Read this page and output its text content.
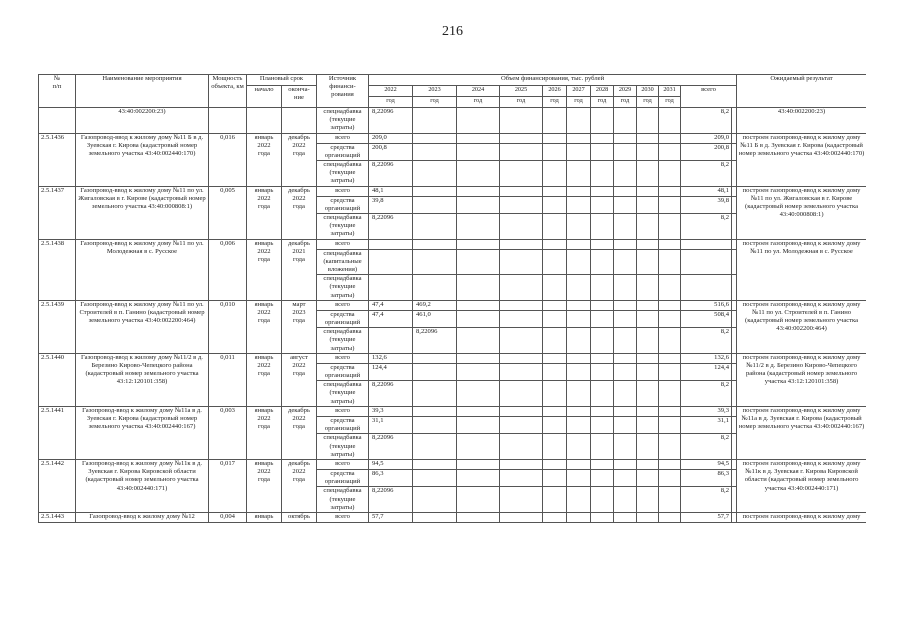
216
№
п/п	Наименование мероприятия	Мощность объекта, км	Плановый срок		Источник финанси-
рования	Объем финансирования, тыс. рублей												Ожидаемый результат
			начало	оконча-
ние		2022	2023	2024	2025	2026	2027	2028	2029	2030	2031	всего		
						год	год	год	год	год	год	год	год	год	год			
	43:40:002200:23)				спецнадбавка
(текущие
затраты)	8,22096										8,2		43:40:002200:23)
2.5.1436	Газопровод-ввод к жилому дому №11 Б в д. Зуевская г. Кирова (кадастровый номер земельного участка 43:40:002440:170)	0,016	январь
2022
года	декабрь
2022
года	всего	209,0										209,0		построен газопровод-ввод к жилому дому №11 Б в д. Зуевская г. Кирова (кадастровый номер земельного участка 43:40:002440:170)
					средства организаций	200,8										200,8		
					спецнадбавка (текущие затраты)	8,22096										8,2		
2.5.1437	Газопровод-ввод к жилому дому №11 по ул. Жигаловская в г. Кирове (кадастровый номер земельного участка 43:40:000808:1)	0,005	январь
2022
года	декабрь
2022
года	всего	48,1										48,1		построен газопровод-ввод к жилому дому №11 по ул. Жигаловская в г. Кирове (кадастровый номер земельного участка 43:40:000808:1)
					средства организаций	39,8										39,8		
					спецнадбавка (текущие затраты)	8,22096										8,2		
2.5.1438	Газопровод-ввод к жилому дому №11 по ул. Молодежная в с. Русское	0,006	январь
2022
года	декабрь
2021
года	всего													построен газопровод-ввод к жилому дому №11 по ул. Молодежная в с. Русское
					спецнадбавка (капитальные вложения)													
					спецнадбавка (текущие затраты)													
2.5.1439	Газопровод-ввод к жилому дому №11 по ул. Строителей в п. Ганино (кадастровый номер земельного участка 43:40:002200:464)	0,010	январь
2022
года	март
2023
года	всего	47,4	469,2									516,6		построен газопровод-ввод к жилому дому №11 по ул. Строителей в п. Ганино (кадастровый номер земельного участка 43:40:002200:464)
					средства организаций	47,4	461,0									508,4		
					спецнадбавка (текущие затраты)		8,22096									8,2		
2.5.1440	Газопровод-ввод к жилому дому №11/2 в д. Березино Кирово-Чепецкого района (кадастровый номер земельного участка 43:12:120101:358)	0,011	январь
2022
года	август
2022
года	всего	132,6										132,6		построен газопровод-ввод к жилому дому №11/2 в д. Березино Кирово-Чепецкого района (кадастровый номер земельного участка 43:12:120101:358)
					средства организаций	124,4										124,4		
					спецнадбавка (текущие затраты)	8,22096										8,2		
2.5.1441	Газопровод-ввод к жилому дому №11а в д. Зуевская г. Кирова (кадастровый номер земельного участка 43:40:002440:167)	0,003	январь
2022
года	декабрь
2022
года	всего	39,3										39,3		построен газопровод-ввод к жилому дому №11а в д. Зуевская г. Кирова (кадастровый номер земельного участка 43:40:002440:167)
					средства организаций	31,1										31,1		
					спецнадбавка (текущие затраты)	8,22096										8,2		
2.5.1442	Газопровод-ввод к жилому дому №11к в д. Зуевская г. Кирова Кировской области (кадастровый номер земельного участка 43:40:002440:171)	0,017	январь
2022
года	декабрь
2022
года	всего	94,5										94,5		построен газопровод-ввод к жилому дому №11к в д. Зуевская г. Кирова Кировской области (кадастровый номер земельного участка 43:40:002440:171)
					средства организаций	86,3										86,3		
					спецнадбавка (текущие затраты)	8,22096										8,2		
2.5.1443	Газопровод-ввод к жилому дому №12	0,004	январь	октябрь	всего	57,7										57,7		построен газопровод-ввод к жилому дому
